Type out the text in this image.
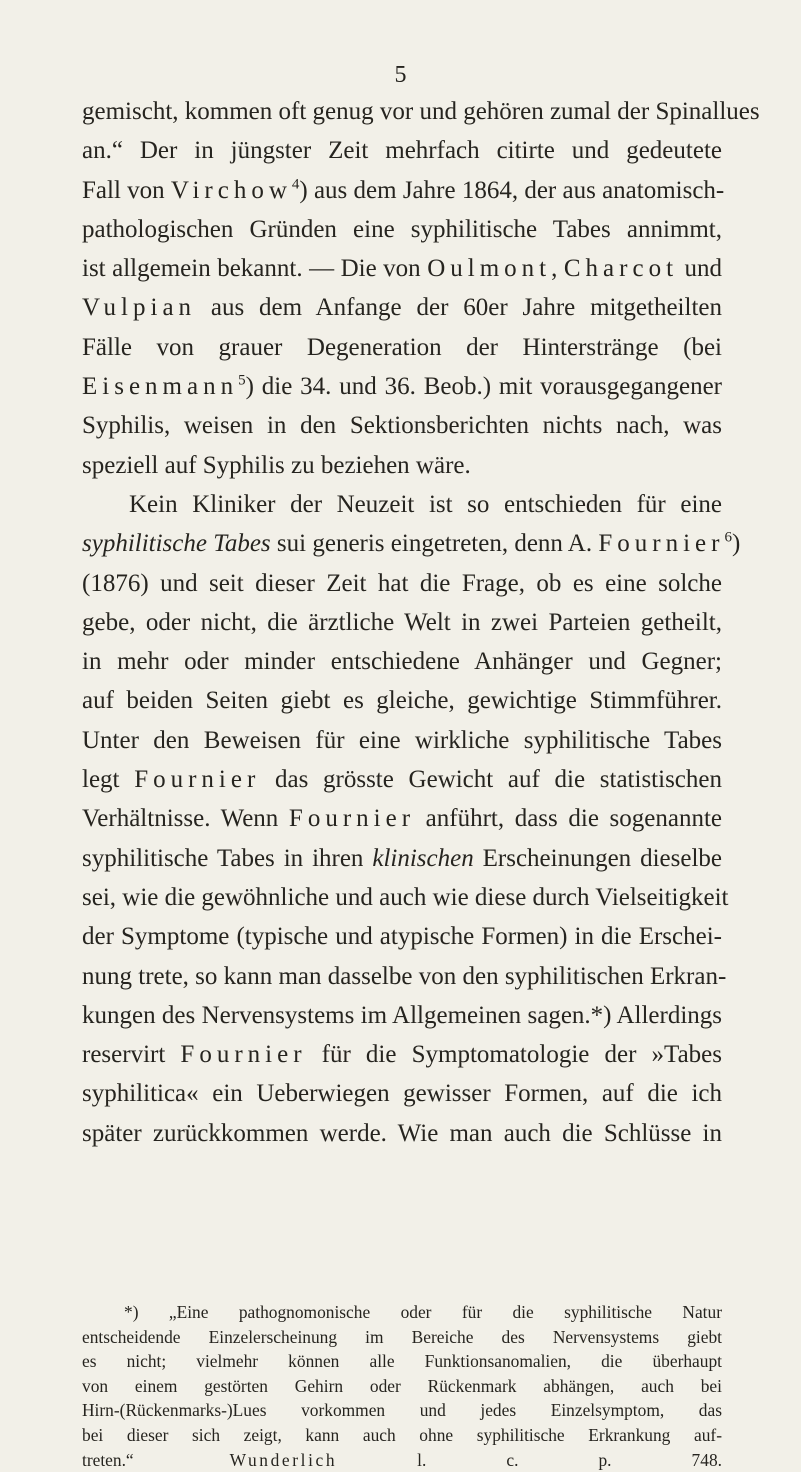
5
gemischt, kommen oft genug vor und gehören zumal der Spinallues
an.“ Der in jüngster Zeit mehrfach citirte und gedeutete
Fall von Virchow$^4$) aus dem Jahre 1864, der aus anatomisch-
pathologischen Gründen eine syphilitische Tabes annimmt,
ist allgemein bekannt. — Die von Oulmont, Charcot und
Vulpian aus dem Anfange der 60er Jahre mitgetheilten
Fälle von grauer Degeneration der Hinterstränge (bei
Eisenmann$^5$) die 34. und 36. Beob.) mit vorausgegangener
Syphilis, weisen in den Sektionsberichten nichts nach, was
speziell auf Syphilis zu beziehen wäre.
Kein Kliniker der Neuzeit ist so entschieden für eine
syphilitische Tabes sui generis eingetreten, denn A. Fournier$^6$)
(1876) und seit dieser Zeit hat die Frage, ob es eine solche
gebe, oder nicht, die ärztliche Welt in zwei Parteien getheilt,
in mehr oder minder entschiedene Anhänger und Gegner;
auf beiden Seiten giebt es gleiche, gewichtige Stimmführer.
Unter den Beweisen für eine wirkliche syphilitische Tabes
legt Fournier das grösste Gewicht auf die statistischen
Verhältnisse. Wenn Fournier anführt, dass die sogenannte
syphilitische Tabes in ihren klinischen Erscheinungen dieselbe
sei, wie die gewöhnliche und auch wie diese durch Vielseitigkeit
der Symptome (typische und atypische Formen) in die Erschei-
nung trete, so kann man dasselbe von den syphilitischen Erkran-
kungen des Nervensystems im Allgemeinen sagen.*) Allerdings
reservirt Fournier für die Symptomatologie der »Tabes
syphilitica« ein Ueberwiegen gewisser Formen, auf die ich
später zurückkommen werde. Wie man auch die Schlüsse in
*) „Eine pathognomonische oder für die syphilitische Natur
entscheidende Einzelerscheinung im Bereiche des Nervensystems giebt
es nicht; vielmehr können alle Funktionsanomalien, die überhaupt
von einem gestörten Gehirn oder Rückenmark abhängen, auch bei
Hirn-(Rückenmarks-)Lues vorkommen und jedes Einzelsymptom, das
bei dieser sich zeigt, kann auch ohne syphilitische Erkrankung auf-
treten.“	Wunderlich l. c. p. 748.
